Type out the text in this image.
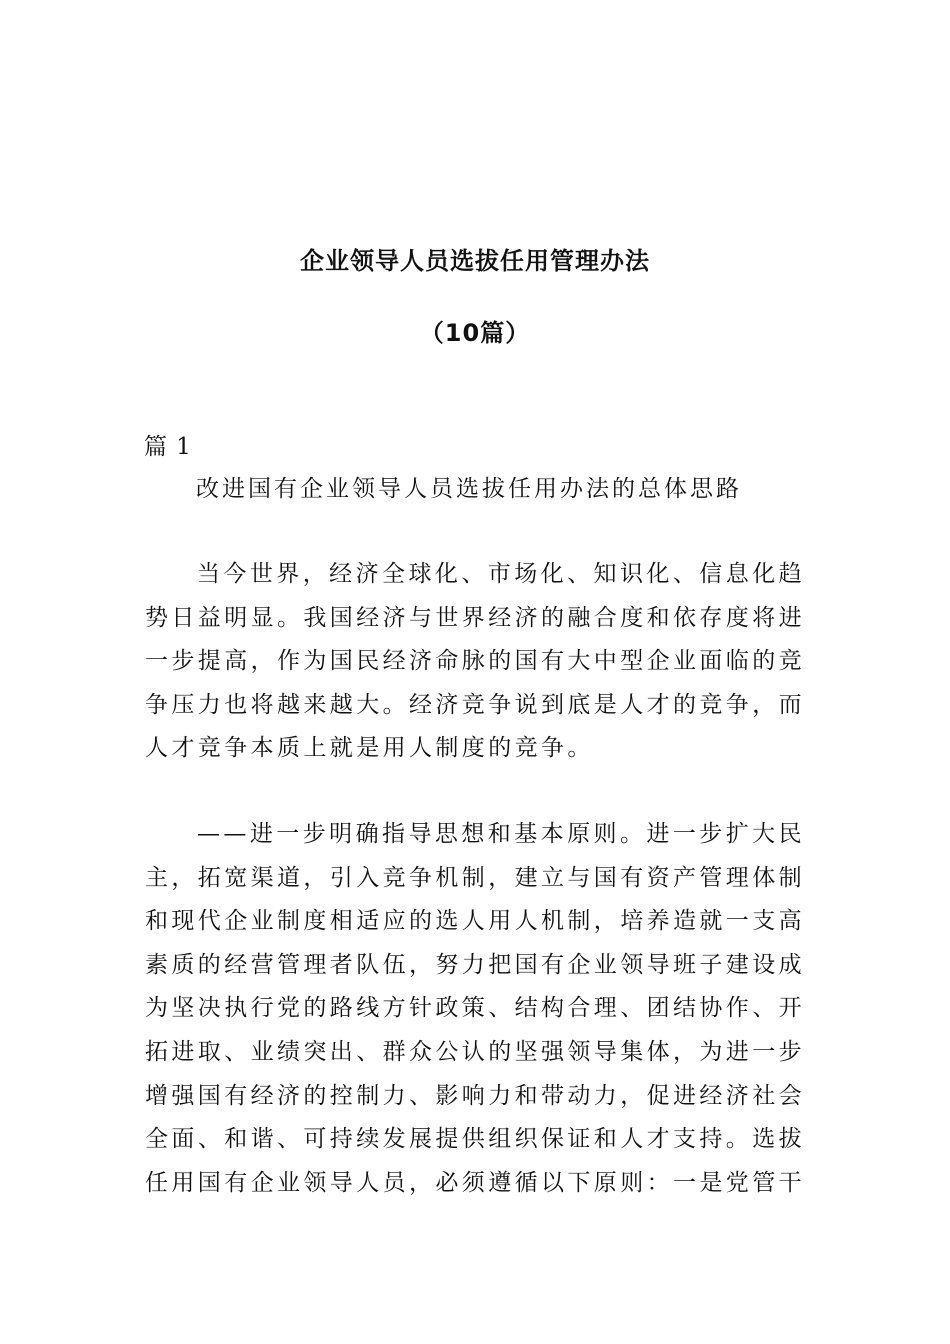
企业领导人员选拔任用管理办法
（10篇）
篇 1
改进国有企业领导人员选拔任用办法的总体思路

当今世界，经济全球化、市场化、知识化、信息化趋势日益明显。我国经济与世界经济的融合度和依存度将进一步提高，作为国民经济命脉的国有大中型企业面临的竞争压力也将越来越大。经济竞争说到底是人才的竞争，而人才竞争本质上就是用人制度的竞争。

——进一步明确指导思想和基本原则。进一步扩大民主，拓宽渠道，引入竞争机制，建立与国有资产管理体制和现代企业制度相适应的选人用人机制，培养造就一支高素质的经营管理者队伍，努力把国有企业领导班子建设成为坚决执行党的路线方针政策、结构合理、团结协作、开拓进取、业绩突出、群众公认的坚强领导集体，为进一步增强国有经济的控制力、影响力和带动力，促进经济社会全面、和谐、可持续发展提供组织保证和人才支持。选拔任用国有企业领导人员，必须遵循以下原则：一是党管干
